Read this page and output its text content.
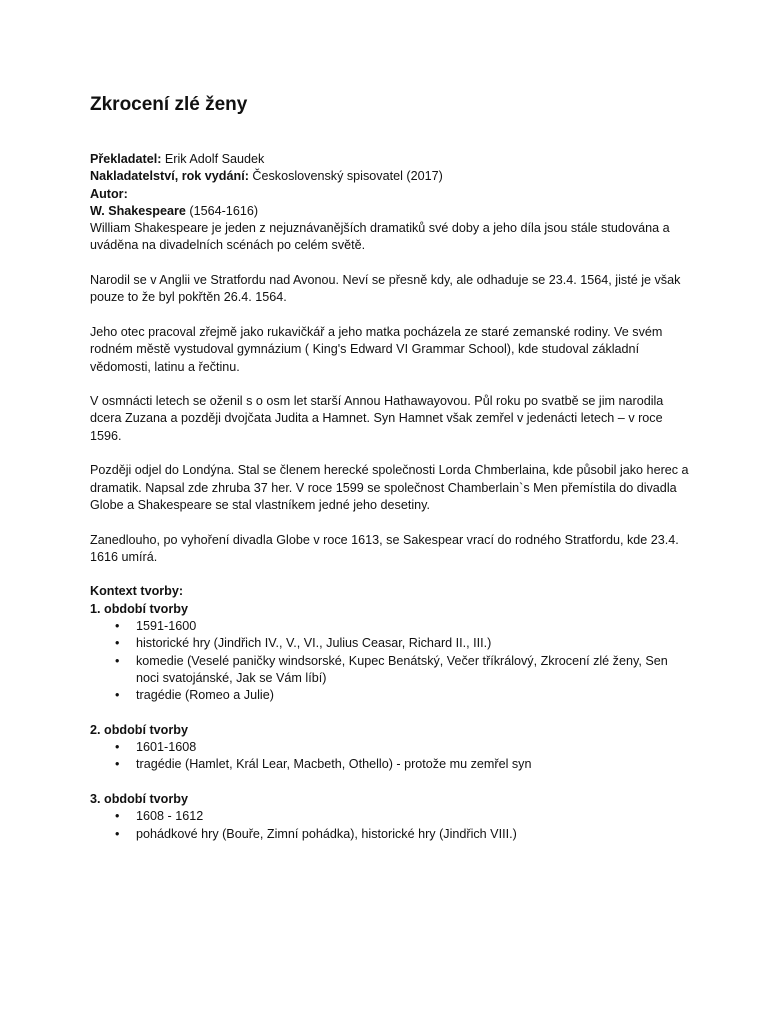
Zkrocení zlé ženy

Překladatel: Erik Adolf Saudek

Nakladatelství, rok vydání: Československý spisovatel (2017)

Autor:

W. Shakespeare (1564-1616)

William Shakespeare je jeden z nejuznávanějších dramatiků své doby a jeho díla jsou stále studována a uváděna na divadelních scénách po celém světě.

Narodil se v Anglii ve Stratfordu nad Avonou. Neví se přesně kdy, ale odhaduje se 23.4. 1564, jisté je však pouze to že byl pokřtěn 26.4. 1564.

Jeho otec pracoval zřejmě jako rukavičkář a jeho matka pocházela ze staré zemanské rodiny. Ve svém rodném městě vystudoval gymnázium ( King's Edward VI Grammar School), kde studoval základní vědomosti, latinu a řečtinu.

V osmnácti letech se oženil s o osm let starší Annou Hathawayovou. Půl roku po svatbě se jim narodila dcera Zuzana a později dvojčata Judita a Hamnet. Syn Hamnet však zemřel v jedenácti letech – v roce 1596.

Později odjel do Londýna. Stal se členem herecké společnosti Lorda Chmberlaina, kde působil jako herec a dramatik. Napsal zde zhruba 37 her. V roce 1599 se společnost Chamberlain`s Men přemístila do divadla Globe a Shakespeare se stal vlastníkem jedné jeho desetiny.

Zanedlouho, po vyhoření divadla Globe v roce 1613, se Sakespear vrací do rodného Stratfordu, kde 23.4. 1616 umírá.

Kontext tvorby:

1. období tvorby

• 1591-1600
• historické hry (Jindřich IV., V., VI., Julius Ceasar, Richard II., III.)
• komedie (Veselé paničky windsorské, Kupec Benátský, Večer tříkrálový, Zkrocení zlé ženy, Sen noci svatojánské, Jak se Vám líbí)
• tragédie (Romeo a Julie)

2. období tvorby

• 1601-1608
• tragédie (Hamlet, Král Lear, Macbeth, Othello) - protože mu zemřel syn

3. období tvorby

• 1608 - 1612
• pohádkové hry (Bouře, Zimní pohádka), historické hry (Jindřich VIII.)
